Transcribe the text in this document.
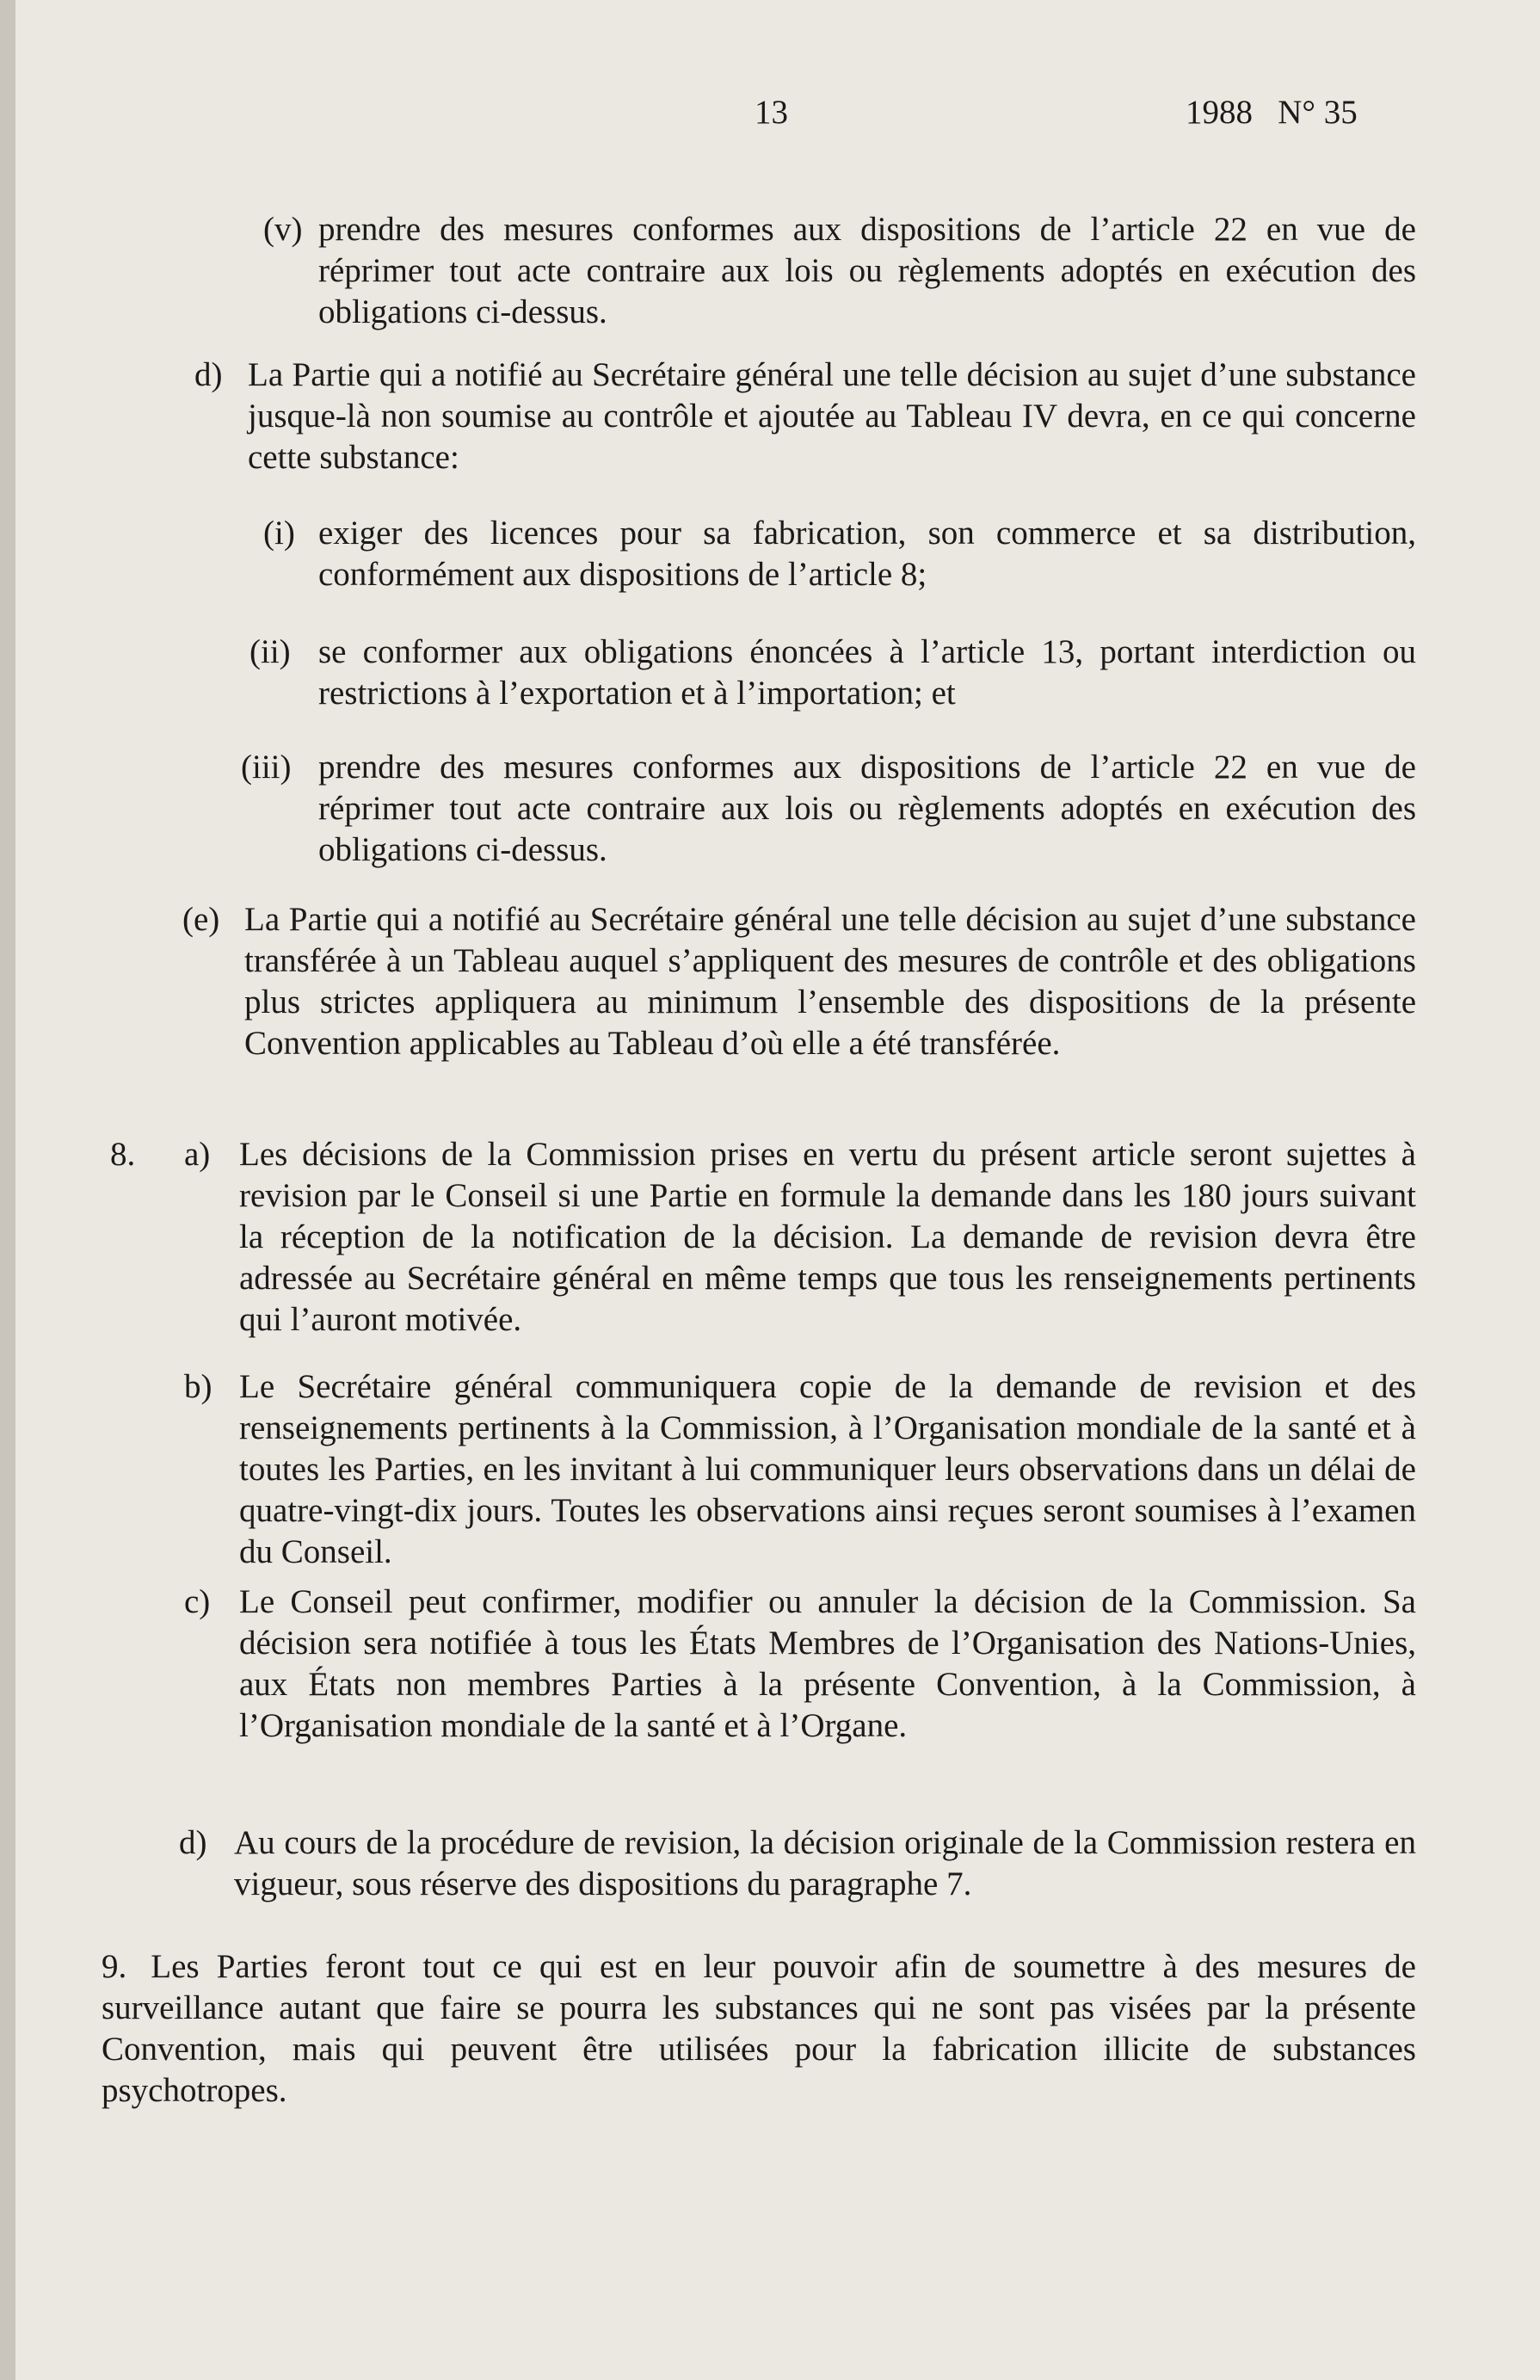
13	1988   N° 35
(v) prendre des mesures conformes aux dispositions de l’article 22 en vue de réprimer tout acte contraire aux lois ou règlements adoptés en exécution des obligations ci-dessus.
d) La Partie qui a notifié au Secrétaire général une telle décision au sujet d’une substance jusque-là non soumise au contrôle et ajoutée au Tableau IV devra, en ce qui concerne cette substance:
(i) exiger des licences pour sa fabrication, son commerce et sa distribution, conformément aux dispositions de l’article 8;
(ii) se conformer aux obligations énoncées à l’article 13, portant interdiction ou restrictions à l’exportation et à l’importation; et
(iii) prendre des mesures conformes aux dispositions de l’article 22 en vue de réprimer tout acte contraire aux lois ou règlements adoptés en exécution des obligations ci-dessus.
(e) La Partie qui a notifié au Secrétaire général une telle décision au sujet d’une substance transférée à un Tableau auquel s’appliquent des mesures de contrôle et des obligations plus strictes appliquera au minimum l’ensemble des dispositions de la présente Convention applicables au Tableau d’où elle a été transférée.
8. a) Les décisions de la Commission prises en vertu du présent article seront sujettes à revision par le Conseil si une Partie en formule la demande dans les 180 jours suivant la réception de la notification de la décision. La demande de revision devra être adressée au Secrétaire général en même temps que tous les renseignements pertinents qui l’auront motivée.
b) Le Secrétaire général communiquera copie de la demande de revision et des renseignements pertinents à la Commission, à l’Organisation mondiale de la santé et à toutes les Parties, en les invitant à lui communiquer leurs observations dans un délai de quatre-vingt-dix jours. Toutes les observations ainsi reçues seront soumises à l’examen du Conseil.
c) Le Conseil peut confirmer, modifier ou annuler la décision de la Commission. Sa décision sera notifiée à tous les États Membres de l’Organisation des Nations-Unies, aux États non membres Parties à la présente Convention, à la Commission, à l’Organisation mondiale de la santé et à l’Organe.
d) Au cours de la procédure de revision, la décision originale de la Commission restera en vigueur, sous réserve des dispositions du paragraphe 7.
9. Les Parties feront tout ce qui est en leur pouvoir afin de soumettre à des mesures de surveillance autant que faire se pourra les substances qui ne sont pas visées par la présente Convention, mais qui peuvent être utilisées pour la fabrication illicite de substances psychotropes.
